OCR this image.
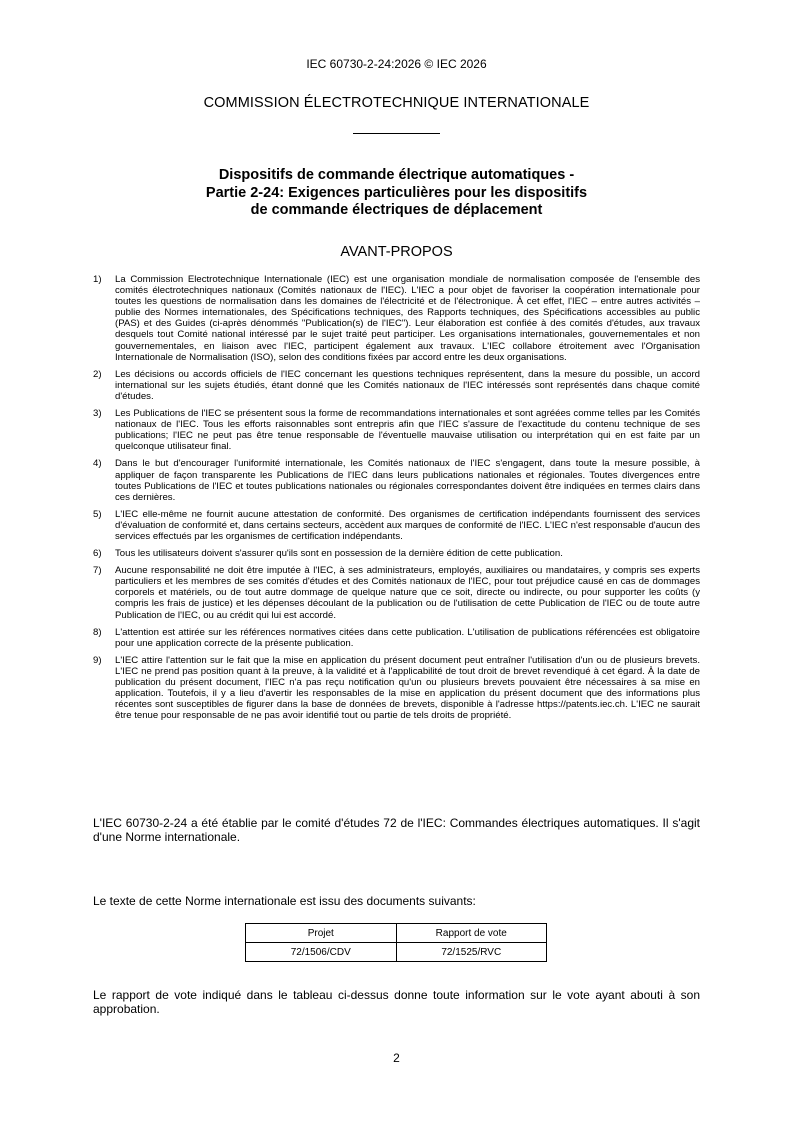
IEC 60730-2-24:2026 © IEC 2026
COMMISSION ÉLECTROTECHNIQUE INTERNATIONALE
Dispositifs de commande électrique automatiques -
Partie 2-24: Exigences particulières pour les dispositifs
de commande électriques de déplacement
AVANT-PROPOS
1) La Commission Electrotechnique Internationale (IEC) est une organisation mondiale de normalisation composée de l'ensemble des comités électrotechniques nationaux (Comités nationaux de l'IEC). L'IEC a pour objet de favoriser la coopération internationale pour toutes les questions de normalisation dans les domaines de l'électricité et de l'électronique. À cet effet, l'IEC – entre autres activités – publie des Normes internationales, des Spécifications techniques, des Rapports techniques, des Spécifications accessibles au public (PAS) et des Guides (ci-après dénommés "Publication(s) de l'IEC"). Leur élaboration est confiée à des comités d'études, aux travaux desquels tout Comité national intéressé par le sujet traité peut participer. Les organisations internationales, gouvernementales et non gouvernementales, en liaison avec l'IEC, participent également aux travaux. L'IEC collabore étroitement avec l'Organisation Internationale de Normalisation (ISO), selon des conditions fixées par accord entre les deux organisations.
2) Les décisions ou accords officiels de l'IEC concernant les questions techniques représentent, dans la mesure du possible, un accord international sur les sujets étudiés, étant donné que les Comités nationaux de l'IEC intéressés sont représentés dans chaque comité d'études.
3) Les Publications de l'IEC se présentent sous la forme de recommandations internationales et sont agréées comme telles par les Comités nationaux de l'IEC. Tous les efforts raisonnables sont entrepris afin que l'IEC s'assure de l'exactitude du contenu technique de ses publications; l'IEC ne peut pas être tenue responsable de l'éventuelle mauvaise utilisation ou interprétation qui en est faite par un quelconque utilisateur final.
4) Dans le but d'encourager l'uniformité internationale, les Comités nationaux de l'IEC s'engagent, dans toute la mesure possible, à appliquer de façon transparente les Publications de l'IEC dans leurs publications nationales et régionales. Toutes divergences entre toutes Publications de l'IEC et toutes publications nationales ou régionales correspondantes doivent être indiquées en termes clairs dans ces dernières.
5) L'IEC elle-même ne fournit aucune attestation de conformité. Des organismes de certification indépendants fournissent des services d'évaluation de conformité et, dans certains secteurs, accèdent aux marques de conformité de l'IEC. L'IEC n'est responsable d'aucun des services effectués par les organismes de certification indépendants.
6) Tous les utilisateurs doivent s'assurer qu'ils sont en possession de la dernière édition de cette publication.
7) Aucune responsabilité ne doit être imputée à l'IEC, à ses administrateurs, employés, auxiliaires ou mandataires, y compris ses experts particuliers et les membres de ses comités d'études et des Comités nationaux de l'IEC, pour tout préjudice causé en cas de dommages corporels et matériels, ou de tout autre dommage de quelque nature que ce soit, directe ou indirecte, ou pour supporter les coûts (y compris les frais de justice) et les dépenses découlant de la publication ou de l'utilisation de cette Publication de l'IEC ou de toute autre Publication de l'IEC, ou au crédit qui lui est accordé.
8) L'attention est attirée sur les références normatives citées dans cette publication. L'utilisation de publications référencées est obligatoire pour une application correcte de la présente publication.
9) L'IEC attire l'attention sur le fait que la mise en application du présent document peut entraîner l'utilisation d'un ou de plusieurs brevets. L'IEC ne prend pas position quant à la preuve, à la validité et à l'applicabilité de tout droit de brevet revendiqué à cet égard. À la date de publication du présent document, l'IEC n'a pas reçu notification qu'un ou plusieurs brevets pouvaient être nécessaires à sa mise en application. Toutefois, il y a lieu d'avertir les responsables de la mise en application du présent document que des informations plus récentes sont susceptibles de figurer dans la base de données de brevets, disponible à l'adresse https://patents.iec.ch. L'IEC ne saurait être tenue pour responsable de ne pas avoir identifié tout ou partie de tels droits de propriété.

L'IEC 60730-2-24 a été établie par le comité d'études 72 de l'IEC: Commandes électriques automatiques. Il s'agit d'une Norme internationale.

Le texte de cette Norme internationale est issu des documents suivants:

Projet	Rapport de vote
72/1506/CDV	72/1525/RVC

Le rapport de vote indiqué dans le tableau ci-dessus donne toute information sur le vote ayant abouti à son approbation.

2
